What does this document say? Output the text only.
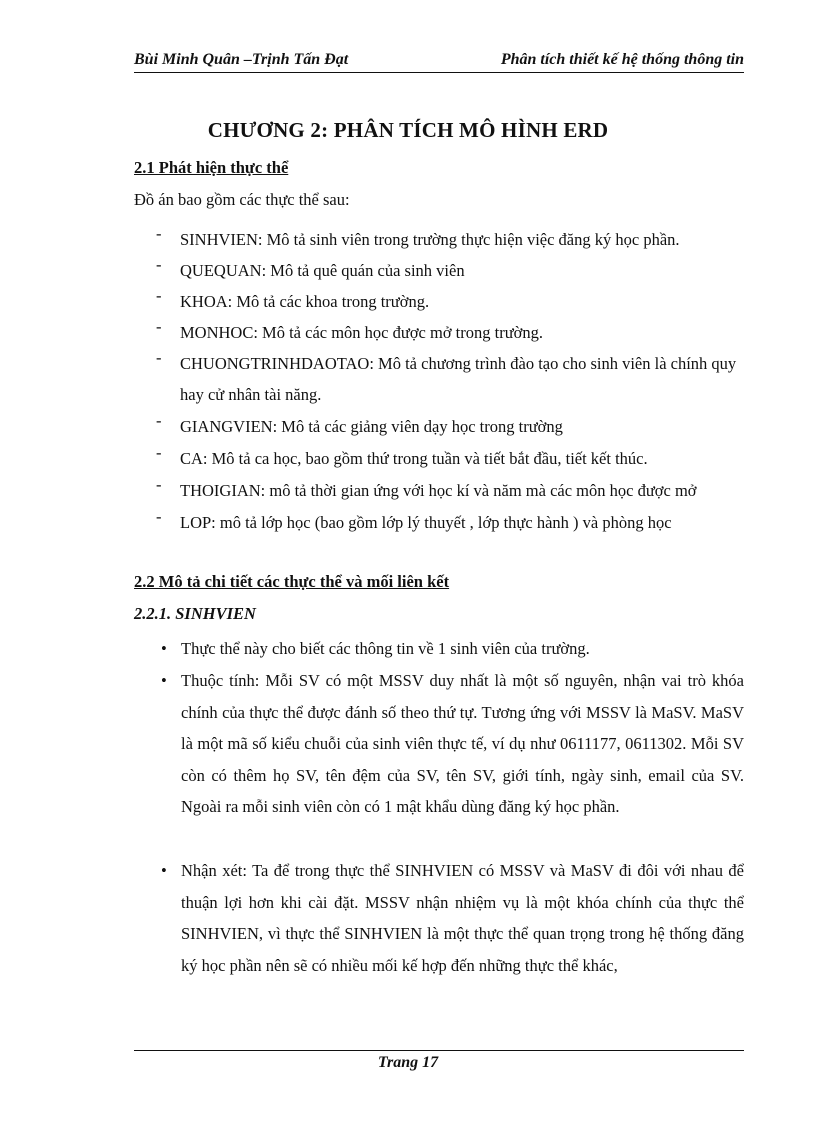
Bùi Minh Quân –Trịnh Tấn Đạt	Phân tích thiết kế hệ thống thông tin
CHƯƠNG 2: PHÂN TÍCH MÔ HÌNH ERD
2.1 Phát hiện thực thể
Đồ án bao gồm các thực thể sau:
- SINHVIEN: Mô tả sinh viên trong trường thực hiện việc đăng ký học phần.
- QUEQUAN: Mô tả quê quán của sinh viên
- KHOA: Mô tả các khoa trong trường.
- MONHOC: Mô tả các môn học được mở trong trường.
- CHUONGTRINHDAOTAO: Mô tả chương trình đào tạo cho sinh viên là chính quy hay cử nhân tài năng.
- GIANGVIEN: Mô tả các giảng viên dạy học trong trường
- CA: Mô tả ca học, bao gồm thứ trong tuần và tiết bắt đầu, tiết kết thúc.
- THOIGIAN: mô tả thời gian ứng với học kí và năm mà các môn học được mở
- LOP: mô tả lớp học (bao gồm lớp lý thuyết , lớp thực hành ) và phòng học
2.2 Mô tả chi tiết các thực thể và mối liên kết
2.2.1. SINHVIEN
• Thực thể này cho biết các thông tin về 1 sinh viên của trường.
• Thuộc tính: Mỗi SV có một MSSV duy nhất là một số nguyên, nhận vai trò khóa chính của thực thể được đánh số theo thứ tự. Tương ứng với MSSV là MaSV. MaSV là một mã số kiểu chuỗi của sinh viên thực tế, ví dụ như 0611177, 0611302. Mỗi SV còn có thêm họ SV, tên đệm của SV, tên SV, giới tính, ngày sinh, email của SV. Ngoài ra mỗi sinh viên còn có 1 mật khẩu dùng đăng ký học phần.
• Nhận xét: Ta để trong thực thể SINHVIEN có MSSV và MaSV đi đôi với nhau để thuận lợi hơn khi cài đặt. MSSV nhận nhiệm vụ là một khóa chính của thực thể SINHVIEN, vì thực thể SINHVIEN là một thực thể quan trọng trong hệ thống đăng ký học phần nên sẽ có nhiều mối kế hợp đến những thực thể khác,
Trang 17
